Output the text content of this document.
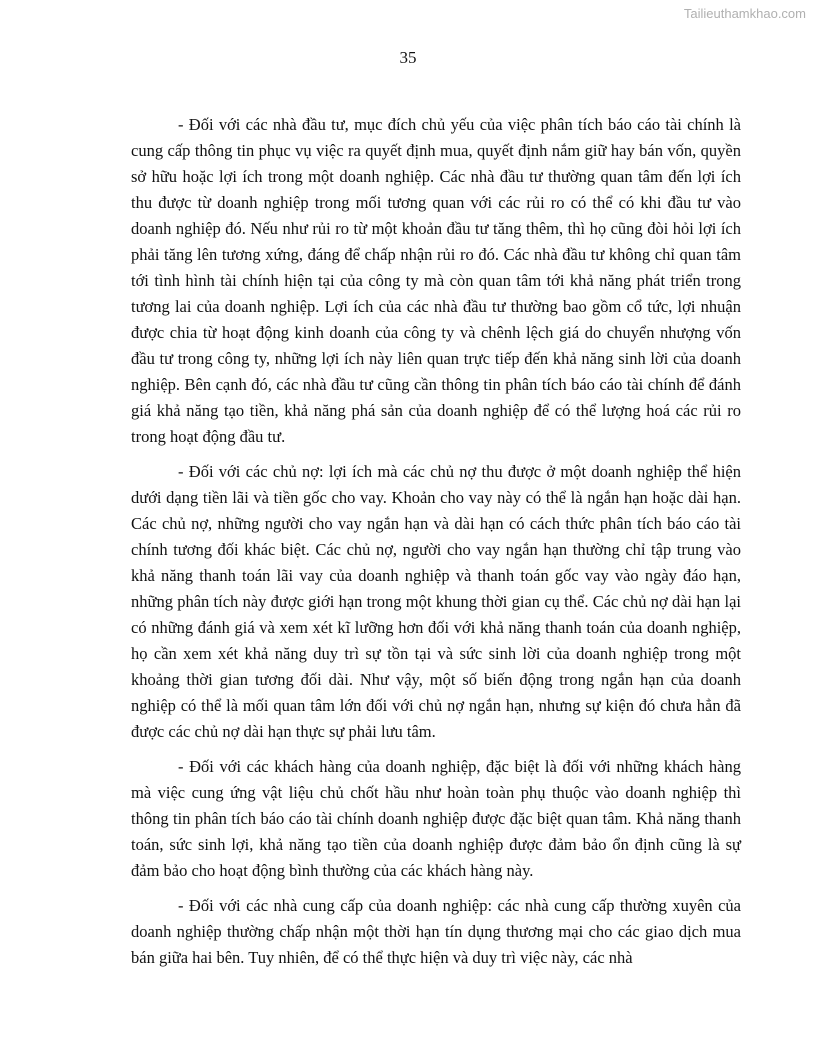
Tailieuthamkhao.com
35

- Đối với các nhà đầu tư, mục đích chủ yếu của việc phân tích báo cáo tài chính là cung cấp thông tin phục vụ việc ra quyết định mua, quyết định nắm giữ hay bán vốn, quyền sở hữu hoặc lợi ích trong một doanh nghiệp. Các nhà đầu tư thường quan tâm đến lợi ích thu được từ doanh nghiệp trong mối tương quan với các rủi ro có thể có khi đầu tư vào doanh nghiệp đó. Nếu như rủi ro từ một khoản đầu tư tăng thêm, thì họ cũng đòi hỏi lợi ích phải tăng lên tương xứng, đáng để chấp nhận rủi ro đó. Các nhà đầu tư không chỉ quan tâm tới tình hình tài chính hiện tại của công ty mà còn quan tâm tới khả năng phát triển trong tương lai của doanh nghiệp. Lợi ích của các nhà đầu tư thường bao gồm cổ tức, lợi nhuận được chia từ hoạt động kinh doanh của công ty và chênh lệch giá do chuyển nhượng vốn đầu tư trong công ty, những lợi ích này liên quan trực tiếp đến khả năng sinh lời của doanh nghiệp. Bên cạnh đó, các nhà đầu tư cũng cần thông tin phân tích báo cáo tài chính để đánh giá khả năng tạo tiền, khả năng phá sản của doanh nghiệp để có thể lượng hoá các rủi ro trong hoạt động đầu tư.

- Đối với các chủ nợ: lợi ích mà các chủ nợ thu được ở một doanh nghiệp thể hiện dưới dạng tiền lãi và tiền gốc cho vay. Khoản cho vay này có thể là ngắn hạn hoặc dài hạn. Các chủ nợ, những người cho vay ngắn hạn và dài hạn có cách thức phân tích báo cáo tài chính tương đối khác biệt. Các chủ nợ, người cho vay ngắn hạn thường chỉ tập trung vào khả năng thanh toán lãi vay của doanh nghiệp và thanh toán gốc vay vào ngày đáo hạn, những phân tích này được giới hạn trong một khung thời gian cụ thể. Các chủ nợ dài hạn lại có những đánh giá và xem xét kĩ lưỡng hơn đối với khả năng thanh toán của doanh nghiệp, họ cần xem xét khả năng duy trì sự tồn tại và sức sinh lời của doanh nghiệp trong một khoảng thời gian tương đối dài. Như vậy, một số biến động trong ngắn hạn của doanh nghiệp có thể là mối quan tâm lớn đối với chủ nợ ngắn hạn, nhưng sự kiện đó chưa hẳn đã được các chủ nợ dài hạn thực sự phải lưu tâm.

- Đối với các khách hàng của doanh nghiệp, đặc biệt là đối với những khách hàng mà việc cung ứng vật liệu chủ chốt hầu như hoàn toàn phụ thuộc vào doanh nghiệp thì thông tin phân tích báo cáo tài chính doanh nghiệp được đặc biệt quan tâm. Khả năng thanh toán, sức sinh lợi, khả năng tạo tiền của doanh nghiệp được đảm bảo ổn định cũng là sự đảm bảo cho hoạt động bình thường của các khách hàng này.

- Đối với các nhà cung cấp của doanh nghiệp: các nhà cung cấp thường xuyên của doanh nghiệp thường chấp nhận một thời hạn tín dụng thương mại cho các giao dịch mua bán giữa hai bên. Tuy nhiên, để có thể thực hiện và duy trì việc này, các nhà
